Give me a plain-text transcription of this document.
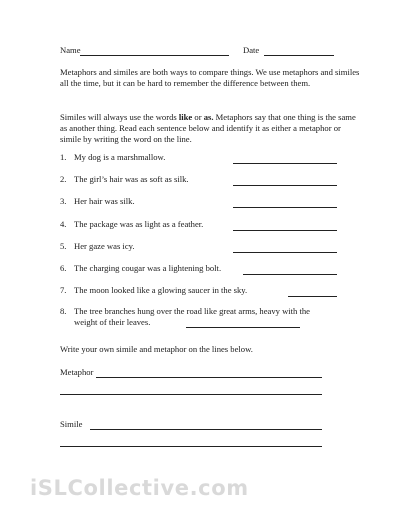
Name	Date
Metaphors and similes are both ways to compare things. We use metaphors and similes all the time, but it can be hard to remember the difference between them.
Similes will always use the words like or as. Metaphors say that one thing is the same as another thing. Read each sentence below and identify it as either a metaphor or simile by writing the word on the line.
1. My dog is a marshmallow.
2. The girl’s hair was as soft as silk.
3. Her hair was silk.
4. The package was as light as a feather.
5. Her gaze was icy.
6. The charging cougar was a lightening bolt.
7. The moon looked like a glowing saucer in the sky.
8. The tree branches hung over the road like great arms, heavy with the
weight of their leaves.
Write your own simile and metaphor on the lines below.
Metaphor
Simile
iSLCollective.com
